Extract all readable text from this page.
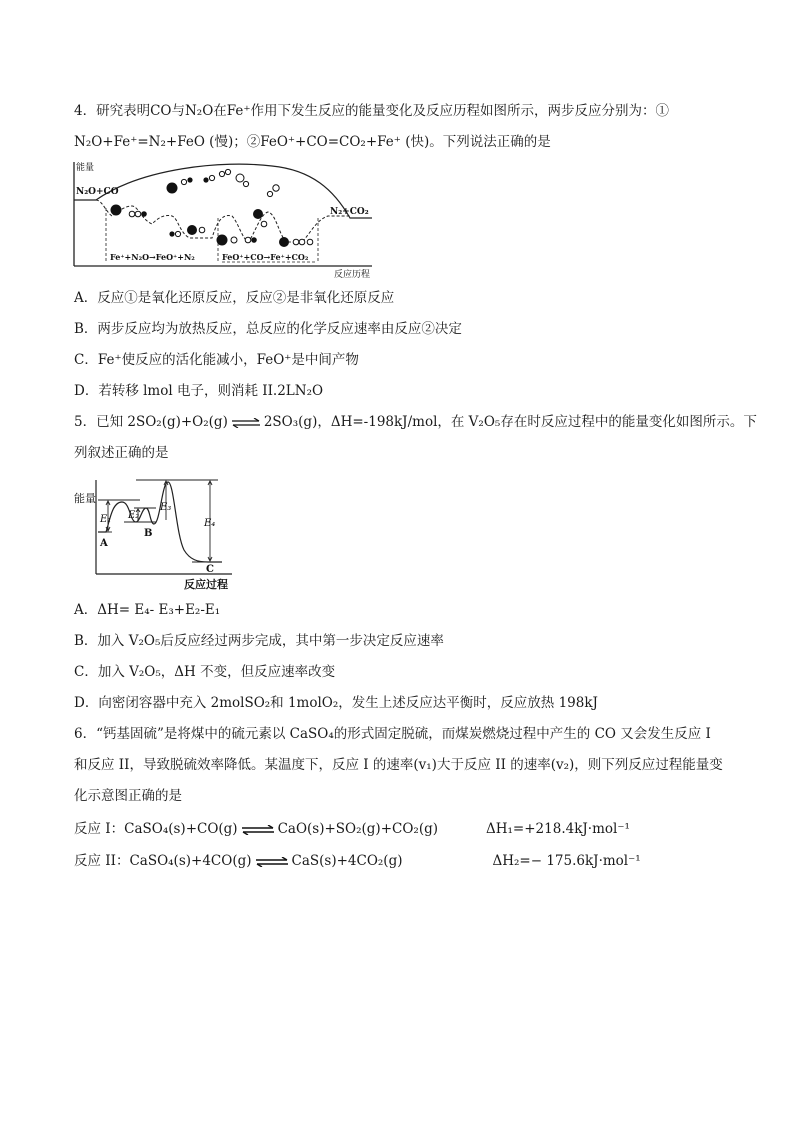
4．研究表明CO与N₂O在Fe⁺作用下发生反应的能量变化及反应历程如图所示，两步反应分别为：①
N₂O+Fe⁺=N₂+FeO (慢)；②FeO⁺+CO=CO₂+Fe⁺ (快)。下列说法正确的是
能量
N₂O+CO
N₂+CO₂
Fe⁺+N₂O→FeO⁺+N₂	FeO⁺+CO→Fe⁺+CO₂
反应历程
A．反应①是氧化还原反应，反应②是非氧化还原反应
B．两步反应均为放热反应，总反应的化学反应速率由反应②决定
C．Fe⁺使反应的活化能减小，FeO⁺是中间产物
D．若转移 lmol 电子，则消耗 II.2LN₂O
5．已知 2SO₂(g)+O₂(g) ⇌ 2SO₃(g)，ΔH=-198kJ/mol，在 V₂O₅存在时反应过程中的能量变化如图所示。下
列叙述正确的是
能量
E₁ E₂
E₃
E₄
A
B
C
反应过程
A．ΔH= E₄- E₃+E₂-E₁
B．加入 V₂O₅后反应经过两步完成，其中第一步决定反应速率
C．加入 V₂O₅，ΔH 不变，但反应速率改变
D．向密闭容器中充入 2molSO₂和 1molO₂，发生上述反应达平衡时，反应放热 198kJ
6．“钙基固硫”是将煤中的硫元素以 CaSO₄的形式固定脱硫，而煤炭燃烧过程中产生的 CO 又会发生反应 I
和反应 II，导致脱硫效率降低。某温度下，反应 I 的速率(v₁)大于反应 II 的速率(v₂)，则下列反应过程能量变
化示意图正确的是
反应 I：CaSO₄(s)+CO(g) ⇌ CaO(s)+SO₂(g)+CO₂(g)	ΔH₁=+218.4kJ·mol⁻¹
反应 II：CaSO₄(s)+4CO(g) ⇌ CaS(s)+4CO₂(g)	ΔH₂=− 175.6kJ·mol⁻¹
